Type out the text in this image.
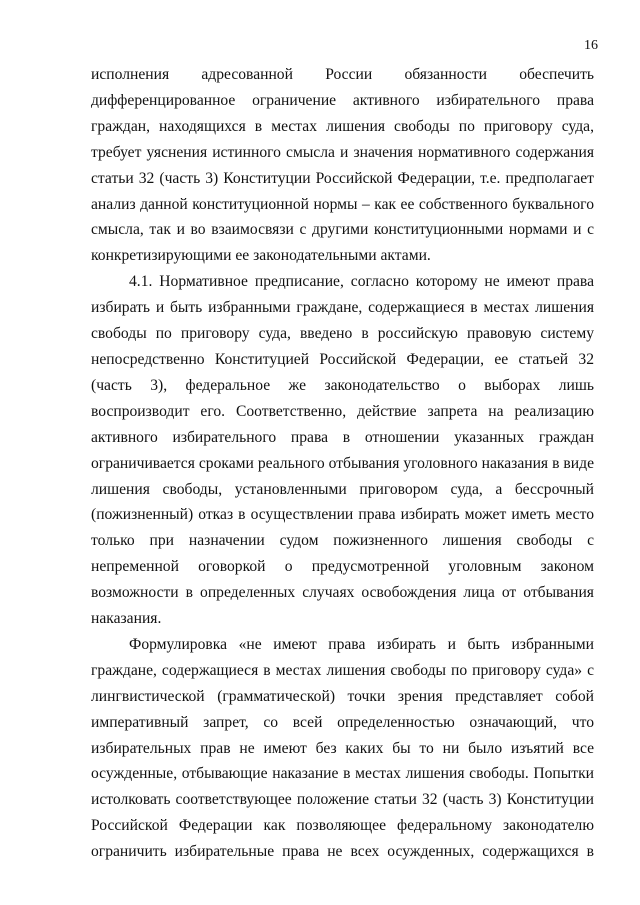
16

исполнения адресованной России обязанности обеспечить дифференцированное ограничение активного избирательного права граждан, находящихся в местах лишения свободы по приговору суда, требует уяснения истинного смысла и значения нормативного содержания статьи 32 (часть 3) Конституции Российской Федерации, т.е. предполагает анализ данной конституционной нормы – как ее собственного буквального смысла, так и во взаимосвязи с другими конституционными нормами и с конкретизирующими ее законодательными актами.

4.1. Нормативное предписание, согласно которому не имеют права избирать и быть избранными граждане, содержащиеся в местах лишения свободы по приговору суда, введено в российскую правовую систему непосредственно Конституцией Российской Федерации, ее статьей 32 (часть 3), федеральное же законодательство о выборах лишь воспроизводит его. Соответственно, действие запрета на реализацию активного избирательного права в отношении указанных граждан ограничивается сроками реального отбывания уголовного наказания в виде лишения свободы, установленными приговором суда, а бессрочный (пожизненный) отказ в осуществлении права избирать может иметь место только при назначении судом пожизненного лишения свободы с непременной оговоркой о предусмотренной уголовным законом возможности в определенных случаях освобождения лица от отбывания наказания.

Формулировка «не имеют права избирать и быть избранными граждане, содержащиеся в местах лишения свободы по приговору суда» с лингвистической (грамматической) точки зрения представляет собой императивный запрет, со всей определенностью означающий, что избирательных прав не имеют без каких бы то ни было изъятий все осужденные, отбывающие наказание в местах лишения свободы. Попытки истолковать соответствующее положение статьи 32 (часть 3) Конституции Российской Федерации как позволяющее федеральному законодателю ограничить избирательные права не всех осужденных, содержащихся в
